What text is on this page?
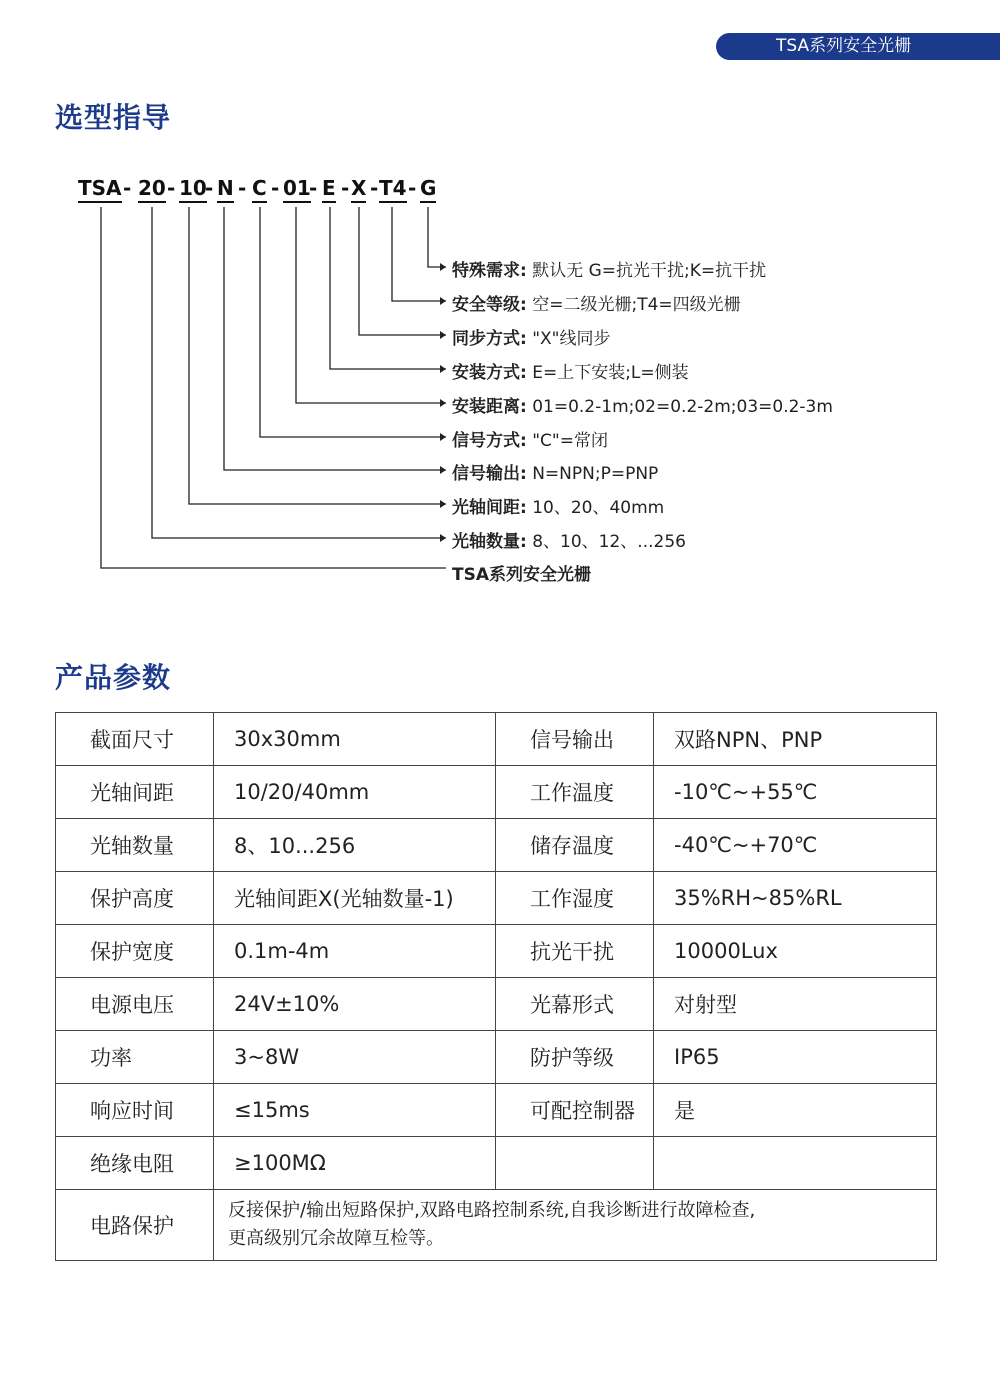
TSA系列安全光栅
选型指导
TSA - 20 - 10
- N - C - 01
- E - X - T4 - G
特殊需求: 默认无 G=抗光干扰;K=抗干扰
安全等级: 空=二级光栅;T4=四级光栅
同步方式: "X"线同步
安装方式: E=上下安装;L=侧装
安装距离: 01=0.2-1m;02=0.2-2m;03=0.2-3m
信号方式: "C"=常闭
信号输出: N=NPN;P=PNP
光轴间距: 10、20、40mm
光轴数量: 8、10、12、...256
TSA系列安全光栅
产品参数
截面尺寸	30x30mm	信号输出	双路NPN、PNP
光轴间距	10/20/40mm	工作温度	-10℃~+55℃
光轴数量	8、10...256	储存温度	-40℃~+70℃
保护高度	光轴间距X(光轴数量-1)	工作湿度	35%RH~85%RL
保护宽度	0.1m-4m	抗光干扰	10000Lux
电源电压	24V±10%	光幕形式	对射型
功率	3~8W	防护等级	IP65
响应时间	≤15ms	可配控制器	是
绝缘电阻	≥100MΩ		
电路保护	反接保护/输出短路保护,双路电路控制系统,自我诊断进行故障检查,
更高级别冗余故障互检等。		
